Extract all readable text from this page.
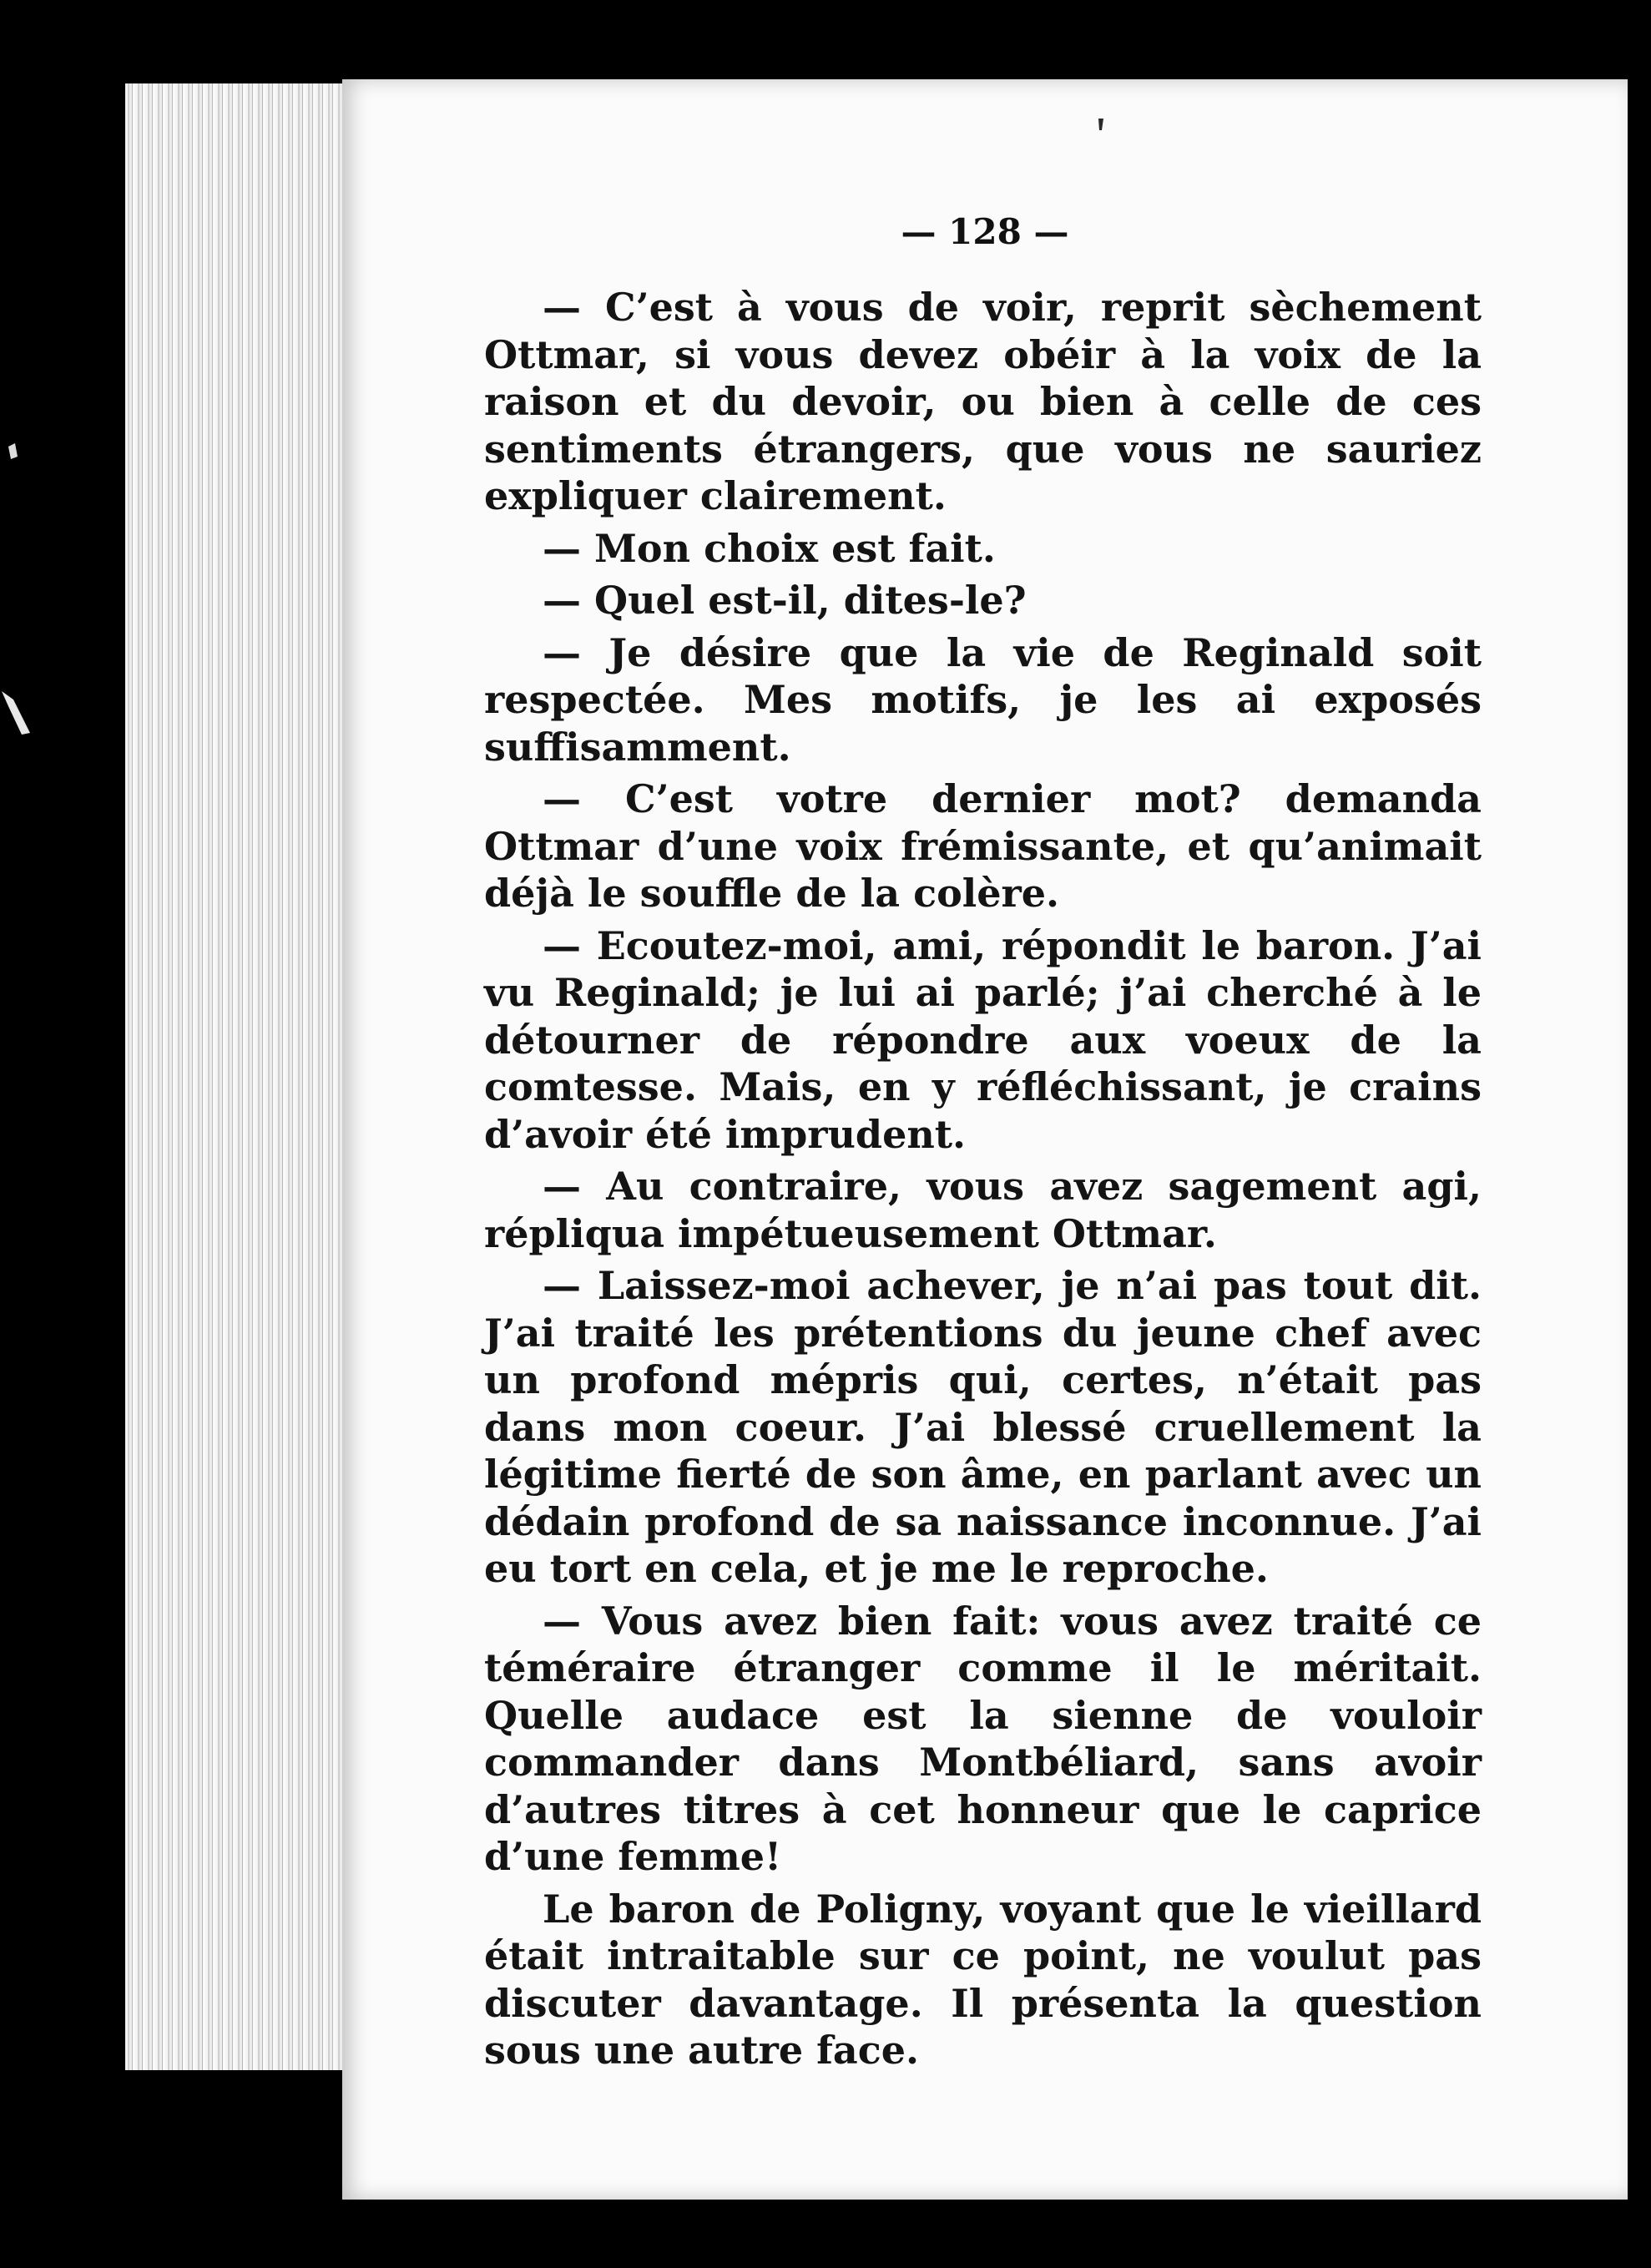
— 128 —

— C’est à vous de voir, reprit sèchement Ottmar, si vous devez obéir à la voix de la raison et du devoir, ou bien à celle de ces sentiments étrangers, que vous ne sauriez expliquer clairement.

— Mon choix est fait.

— Quel est-il, dites-le?

— Je désire que la vie de Reginald soit respectée. Mes motifs, je les ai exposés suffisamment.

— C’est votre dernier mot? demanda Ottmar d’une voix frémissante, et qu’animait déjà le souffle de la colère.

— Ecoutez-moi, ami, répondit le baron. J’ai vu Reginald; je lui ai parlé; j’ai cherché à le détourner de répondre aux voeux de la comtesse. Mais, en y réfléchissant, je crains d’avoir été imprudent.

— Au contraire, vous avez sagement agi, répliqua impétueusement Ottmar.

— Laissez-moi achever, je n’ai pas tout dit. J’ai traité les prétentions du jeune chef avec un profond mépris qui, certes, n’était pas dans mon coeur. J’ai blessé cruellement la légitime fierté de son âme, en parlant avec un dédain profond de sa naissance inconnue. J’ai eu tort en cela, et je me le reproche.

— Vous avez bien fait: vous avez traité ce téméraire étranger comme il le méritait. Quelle audace est la sienne de vouloir commander dans Montbéliard, sans avoir d’autres titres à cet honneur que le caprice d’une femme!

Le baron de Poligny, voyant que le vieillard était intraitable sur ce point, ne voulut pas discuter davantage. Il présenta la question sous une autre face.
